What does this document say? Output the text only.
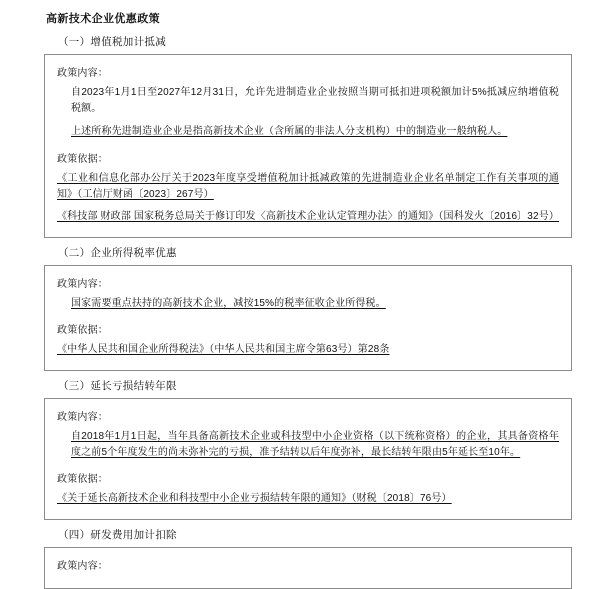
高新技术企业优惠政策
（一）增值税加计抵减
政策内容：
自2023年1月1日至2027年12月31日，允许先进制造业企业按照当期可抵扣进项税额加计5%抵减应纳增值税税额。
上述所称先进制造业企业是指高新技术企业（含所属的非法人分支机构）中的制造业一般纳税人。
政策依据：
《工业和信息化部办公厅关于2023年度享受增值税加计抵减政策的先进制造业企业名单制定工作有关事项的通知》（工信厅财函〔2023〕267号）
《科技部 财政部 国家税务总局关于修订印发〈高新技术企业认定管理办法〉的通知》（国科发火〔2016〕32号）
（二）企业所得税率优惠
政策内容：
国家需要重点扶持的高新技术企业，减按15%的税率征收企业所得税。
政策依据：
《中华人民共和国企业所得税法》（中华人民共和国主席令第63号）第28条
（三）延长亏损结转年限
政策内容：
自2018年1月1日起，当年具备高新技术企业或科技型中小企业资格（以下统称资格）的企业，其具备资格年度之前5个年度发生的尚未弥补完的亏损，准予结转以后年度弥补，最长结转年限由5年延长至10年。
政策依据：
《关于延长高新技术企业和科技型中小企业亏损结转年限的通知》（财税〔2018〕76号）
（四）研发费用加计扣除
政策内容：
